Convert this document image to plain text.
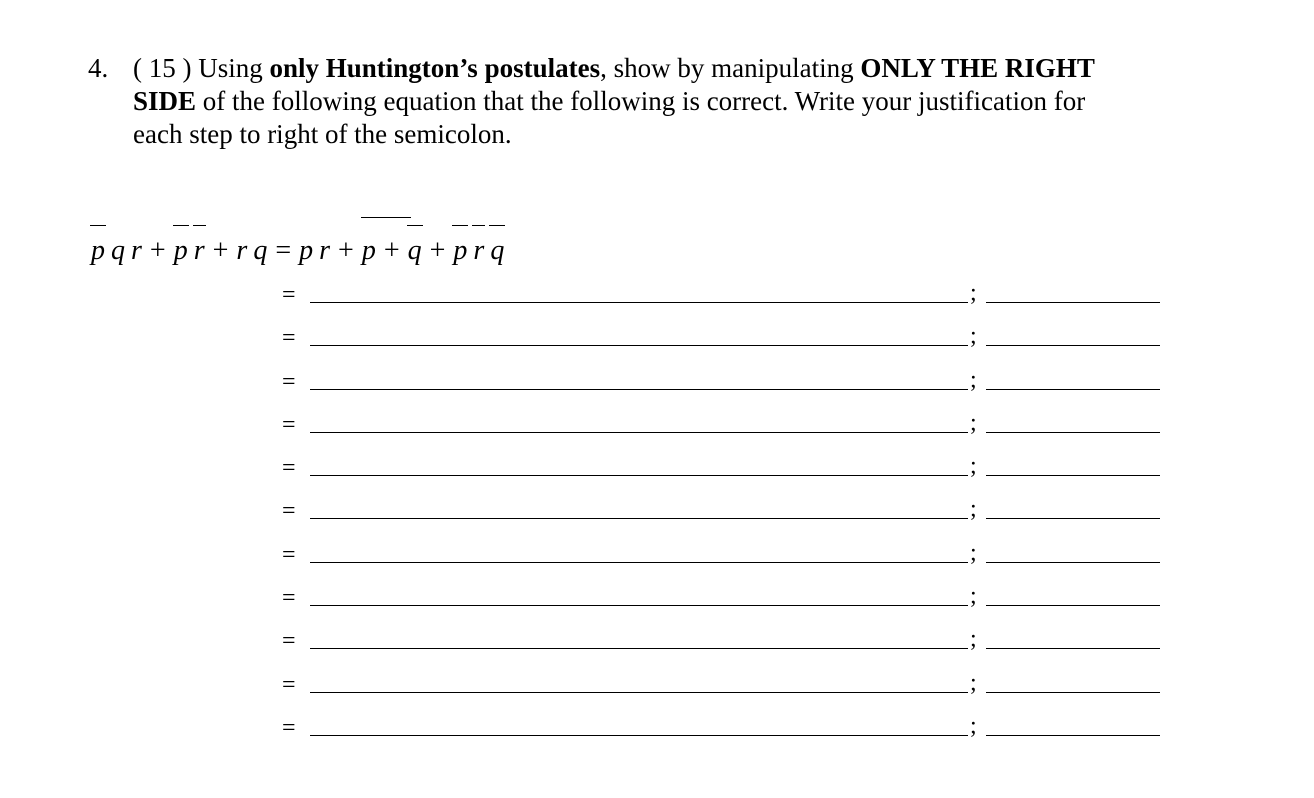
4. ( 15 ) Using only Huntington’s postulates, show by manipulating ONLY THE RIGHT
SIDE of the following equation that the following is correct. Write your justification for
each step to right of the semicolon.
p q r + p r + r q = p r + p + q + p r q
=	;
=	;
=	;
=	;
=	;
=	;
=	;
=	;
=	;
=	;
=	;
